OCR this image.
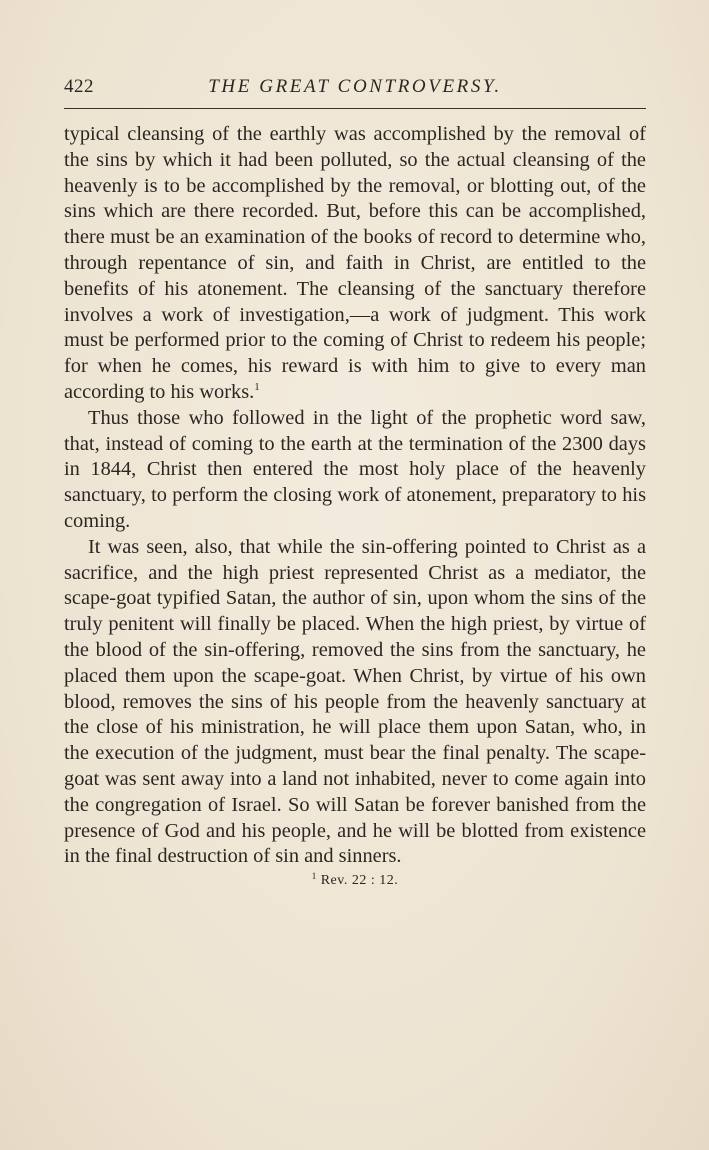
422	THE GREAT CONTROVERSY.

typical cleansing of the earthly was accomplished by the removal of the sins by which it had been polluted, so the actual cleansing of the heavenly is to be accomplished by the removal, or blotting out, of the sins which are there recorded. But, before this can be accomplished, there must be an examination of the books of record to determine who, through repentance of sin, and faith in Christ, are entitled to the benefits of his atonement. The cleansing of the sanctuary therefore involves a work of investigation,—a work of judgment. This work must be performed prior to the coming of Christ to redeem his people; for when he comes, his reward is with him to give to every man according to his works.$^1$

Thus those who followed in the light of the prophetic word saw, that, instead of coming to the earth at the termination of the 2300 days in 1844, Christ then entered the most holy place of the heavenly sanctuary, to perform the closing work of atonement, preparatory to his coming.

It was seen, also, that while the sin-offering pointed to Christ as a sacrifice, and the high priest represented Christ as a mediator, the scape-goat typified Satan, the author of sin, upon whom the sins of the truly penitent will finally be placed. When the high priest, by virtue of the blood of the sin-offering, removed the sins from the sanctuary, he placed them upon the scape-goat. When Christ, by virtue of his own blood, removes the sins of his people from the heavenly sanctuary at the close of his ministration, he will place them upon Satan, who, in the execution of the judgment, must bear the final penalty. The scape-goat was sent away into a land not inhabited, never to come again into the congregation of Israel. So will Satan be forever banished from the presence of God and his people, and he will be blotted from existence in the final destruction of sin and sinners.

$^1$ Rev. 22 : 12.
